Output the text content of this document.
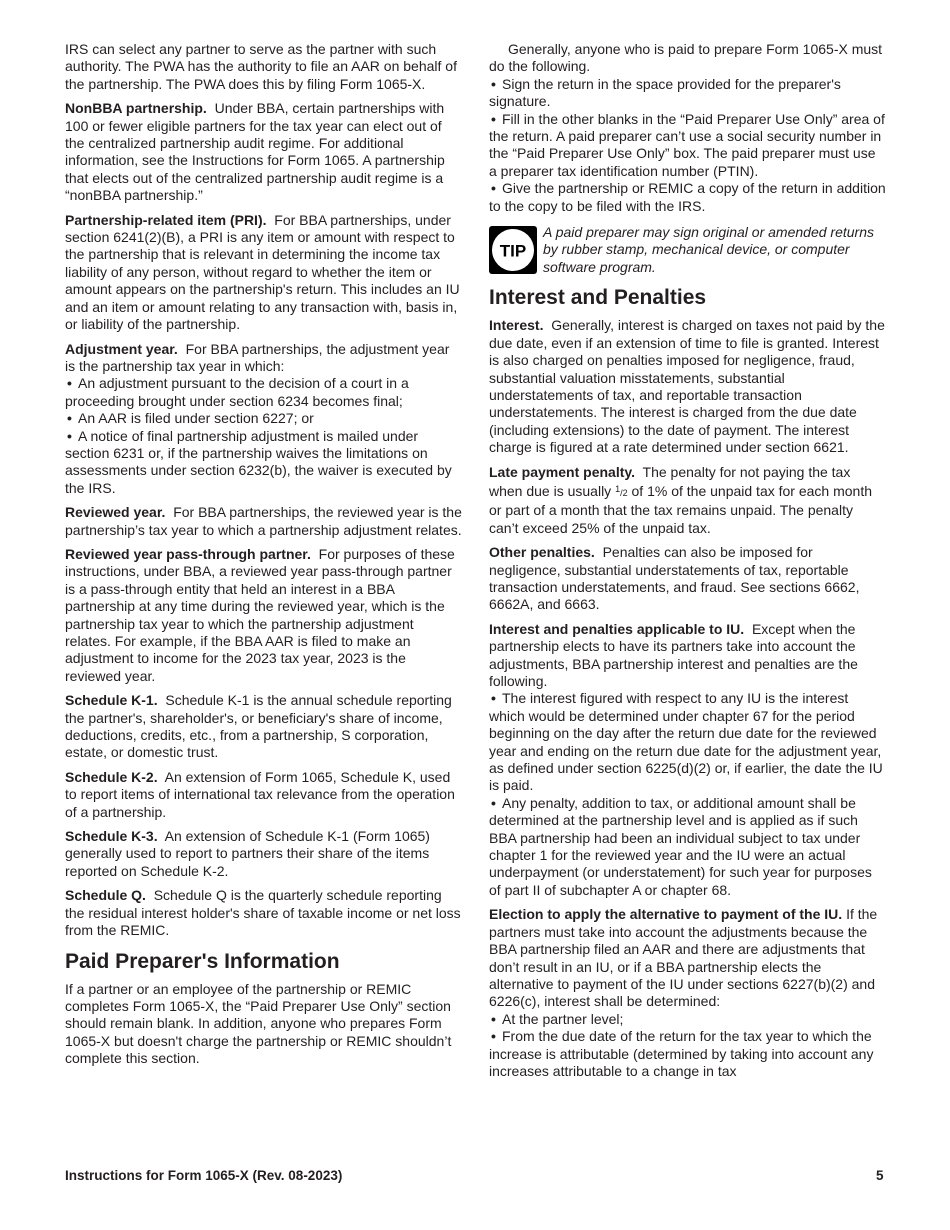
IRS can select any partner to serve as the partner with such authority. The PWA has the authority to file an AAR on behalf of the partnership. The PWA does this by filing Form 1065-X.

NonBBA partnership. Under BBA, certain partnerships with 100 or fewer eligible partners for the tax year can elect out of the centralized partnership audit regime. For additional information, see the Instructions for Form 1065. A partnership that elects out of the centralized partnership audit regime is a “nonBBA partnership.”

Partnership-related item (PRI). For BBA partnerships, under section 6241(2)(B), a PRI is any item or amount with respect to the partnership that is relevant in determining the income tax liability of any person, without regard to whether the item or amount appears on the partnership's return. This includes an IU and an item or amount relating to any transaction with, basis in, or liability of the partnership.

Adjustment year. For BBA partnerships, the adjustment year is the partnership tax year in which:

• An adjustment pursuant to the decision of a court in a proceeding brought under section 6234 becomes final;
• An AAR is filed under section 6227; or
• A notice of final partnership adjustment is mailed under section 6231 or, if the partnership waives the limitations on assessments under section 6232(b), the waiver is executed by the IRS.

Reviewed year. For BBA partnerships, the reviewed year is the partnership’s tax year to which a partnership adjustment relates.

Reviewed year pass-through partner. For purposes of these instructions, under BBA, a reviewed year pass-through partner is a pass-through entity that held an interest in a BBA partnership at any time during the reviewed year, which is the partnership tax year to which the partnership adjustment relates. For example, if the BBA AAR is filed to make an adjustment to income for the 2023 tax year, 2023 is the reviewed year.

Schedule K-1. Schedule K-1 is the annual schedule reporting the partner's, shareholder's, or beneficiary's share of income, deductions, credits, etc., from a partnership, S corporation, estate, or domestic trust.

Schedule K-2. An extension of Form 1065, Schedule K, used to report items of international tax relevance from the operation of a partnership.

Schedule K-3. An extension of Schedule K-1 (Form 1065) generally used to report to partners their share of the items reported on Schedule K-2.

Schedule Q. Schedule Q is the quarterly schedule reporting the residual interest holder's share of taxable income or net loss from the REMIC.

Paid Preparer's Information

If a partner or an employee of the partnership or REMIC completes Form 1065-X, the “Paid Preparer Use Only” section should remain blank. In addition, anyone who prepares Form 1065-X but doesn't charge the partnership or REMIC shouldn’t complete this section.

Generally, anyone who is paid to prepare Form 1065-X must do the following.

• Sign the return in the space provided for the preparer's signature.
• Fill in the other blanks in the “Paid Preparer Use Only” area of the return. A paid preparer can’t use a social security number in the “Paid Preparer Use Only” box. The paid preparer must use a preparer tax identification number (PTIN).
• Give the partnership or REMIC a copy of the return in addition to the copy to be filed with the IRS.
TIP
A paid preparer may sign original or amended returns by rubber stamp, mechanical device, or computer software program.
Interest and Penalties

Interest. Generally, interest is charged on taxes not paid by the due date, even if an extension of time to file is granted. Interest is also charged on penalties imposed for negligence, fraud, substantial valuation misstatements, substantial understatements of tax, and reportable transaction understatements. The interest is charged from the due date (including extensions) to the date of payment. The interest charge is figured at a rate determined under section 6621.

Late payment penalty. The penalty for not paying the tax when due is usually $^1$/2 of 1% of the unpaid tax for each month or part of a month that the tax remains unpaid. The penalty can’t exceed 25% of the unpaid tax.

Other penalties. Penalties can also be imposed for negligence, substantial understatements of tax, reportable transaction understatements, and fraud. See sections 6662, 6662A, and 6663.

Interest and penalties applicable to IU. Except when the partnership elects to have its partners take into account the adjustments, BBA partnership interest and penalties are the following.

• The interest figured with respect to any IU is the interest which would be determined under chapter 67 for the period beginning on the day after the return due date for the reviewed year and ending on the return due date for the adjustment year, as defined under section 6225(d)(2) or, if earlier, the date the IU is paid.
• Any penalty, addition to tax, or additional amount shall be determined at the partnership level and is applied as if such BBA partnership had been an individual subject to tax under chapter 1 for the reviewed year and the IU were an actual underpayment (or understatement) for such year for purposes of part II of subchapter A or chapter 68.

Election to apply the alternative to payment of the IU. If the partners must take into account the adjustments because the BBA partnership filed an AAR and there are adjustments that don’t result in an IU, or if a BBA partnership elects the alternative to payment of the IU under sections 6227(b)(2) and 6226(c), interest shall be determined:

• At the partner level;
• From the due date of the return for the tax year to which the increase is attributable (determined by taking into account any increases attributable to a change in tax
Instructions for Form 1065-X (Rev. 08-2023)	5
